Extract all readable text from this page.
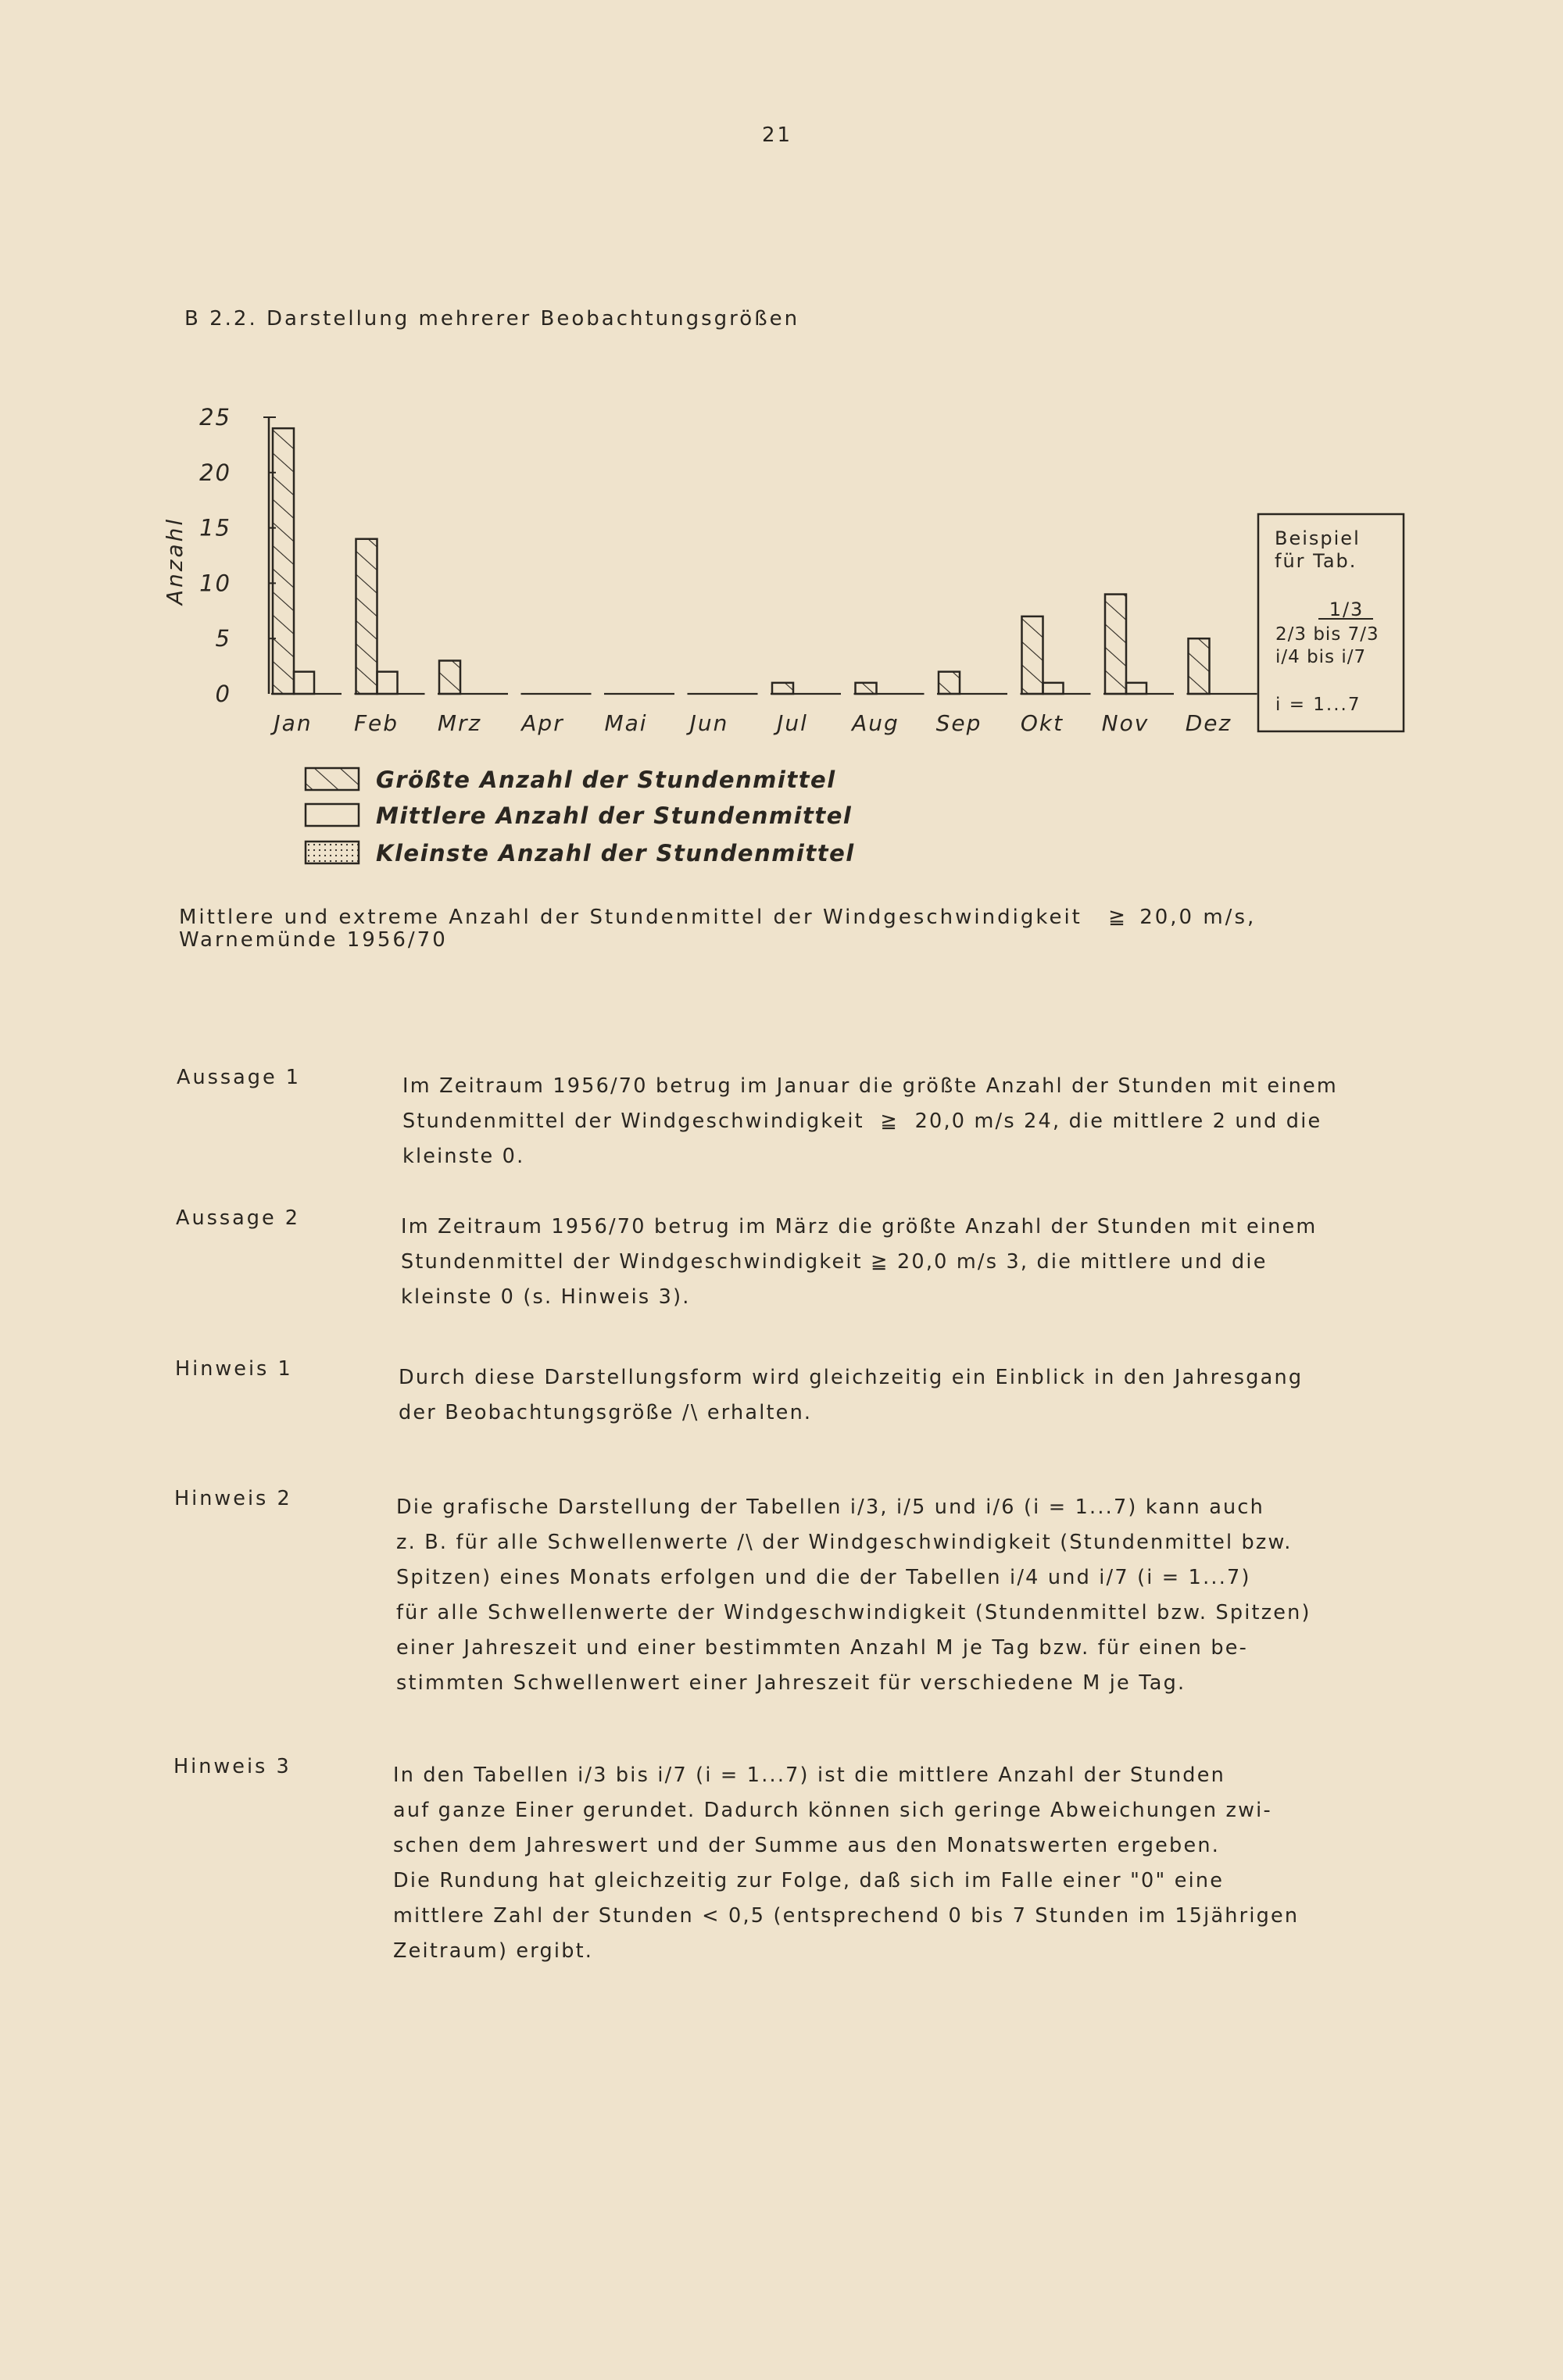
21
B 2.2. Darstellung mehrerer Beobachtungsgrößen
0
5
10
15
20
25
Jan Feb Mrz Apr Mai Jun Jul Aug Sep Okt Nov Dez
Größte Anzahl der Stundenmittel
Mittlere Anzahl der Stundenmittel
Kleinste Anzahl der Stundenmittel
Anzahl	Beispiel
für Tab.
1/3
2/3 bis 7/3
i/4 bis i/7
i = 1...7
Mittlere und extreme Anzahl der Stundenmittel der Windgeschwindigkeit ≧ 20,0 m/s,
Warnemünde 1956/70
Aussage 1	Im Zeitraum 1956/70 betrug im Januar die größte Anzahl der Stunden mit einem
Stundenmittel der Windgeschwindigkeit  ≧  20,0 m/s 24, die mittlere 2 und die
kleinste 0.
Aussage 2	Im Zeitraum 1956/70 betrug im März die größte Anzahl der Stunden mit einem
Stundenmittel der Windgeschwindigkeit ≧ 20,0 m/s 3, die mittlere und die
kleinste 0 (s. Hinweis 3).
Hinweis 1	Durch diese Darstellungsform wird gleichzeitig ein Einblick in den Jahresgang
der Beobachtungsgröße /\ erhalten.
Hinweis 2	Die grafische Darstellung der Tabellen i/3, i/5 und i/6 (i = 1...7) kann auch
z. B. für alle Schwellenwerte /\ der Windgeschwindigkeit (Stundenmittel bzw.
Spitzen) eines Monats erfolgen und die der Tabellen i/4 und i/7 (i = 1...7)
für alle Schwellenwerte der Windgeschwindigkeit (Stundenmittel bzw. Spitzen)
einer Jahreszeit und einer bestimmten Anzahl M je Tag bzw. für einen be-
stimmten Schwellenwert einer Jahreszeit für verschiedene M je Tag.
Hinweis 3	In den Tabellen i/3 bis i/7 (i = 1...7) ist die mittlere Anzahl der Stunden
auf ganze Einer gerundet. Dadurch können sich geringe Abweichungen zwi-
schen dem Jahreswert und der Summe aus den Monatswerten ergeben.
Die Rundung hat gleichzeitig zur Folge, daß sich im Falle einer "0" eine
mittlere Zahl der Stunden < 0,5 (entsprechend 0 bis 7 Stunden im 15jährigen
Zeitraum) ergibt.
